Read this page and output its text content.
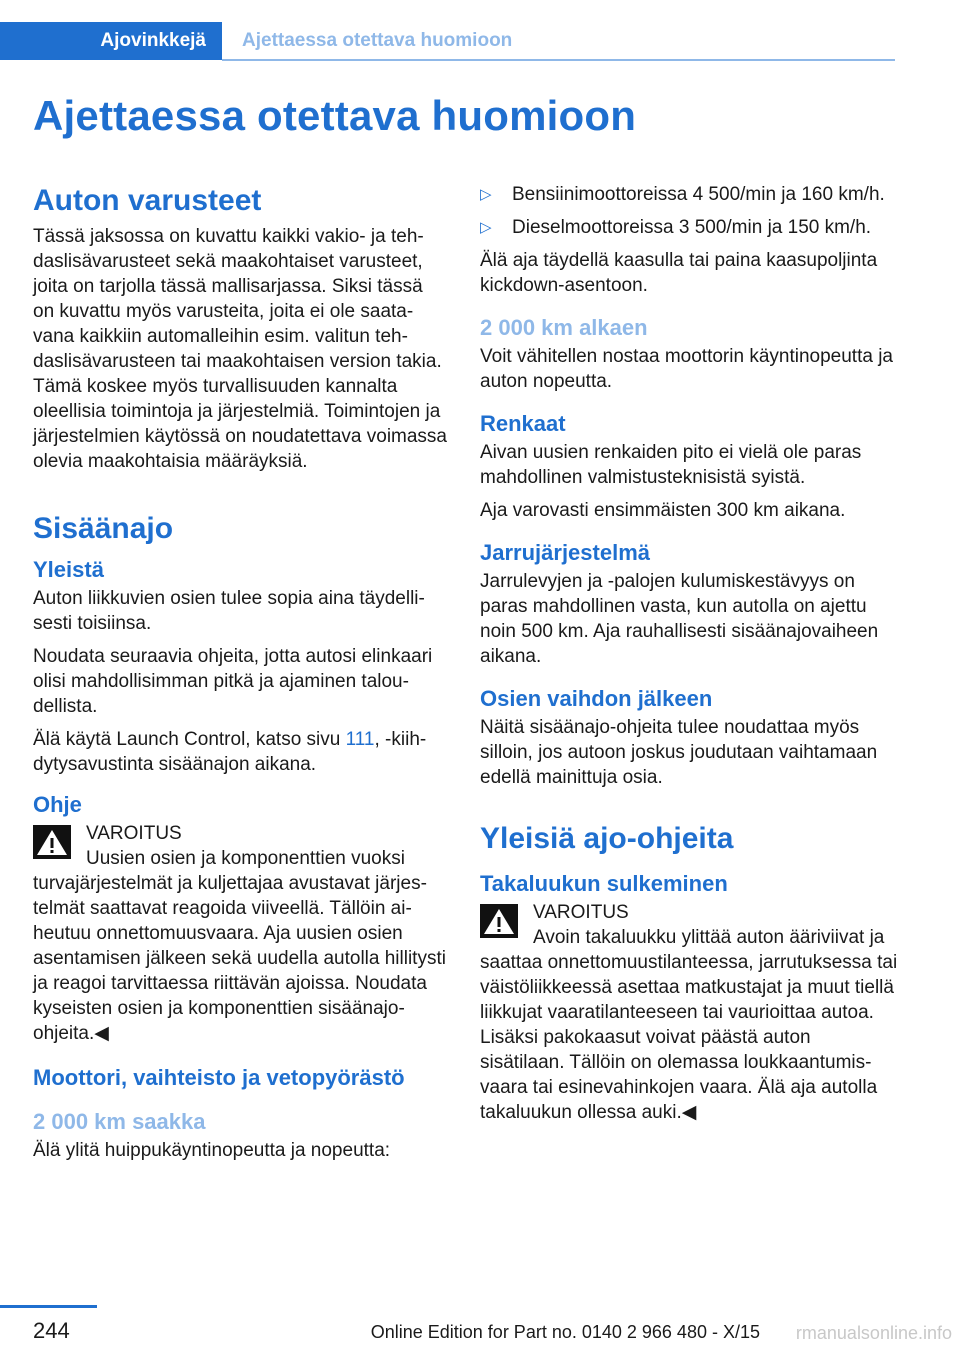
Ajovinkkejä	Ajettaessa otettava huomioon
Ajettaessa otettava huomioon
Auton varusteet

Tässä jaksossa on kuvattu kaikki vakio- ja tehdaslisävarusteet sekä maakohtaiset varusteet, joita on tarjolla tässä mallisarjassa. Siksi tässä on kuvattu myös varusteita, joita ei ole saatavana kaikkiin automalleihin esim. valitun tehdaslisävarusteen tai maakohtaisen version takia. Tämä koskee myös turvallisuuden kannalta oleellisia toimintoja ja järjestelmiä. Toimintojen ja järjestelmien käytössä on noudatettava voimassa olevia maakohtaisia määräyksiä.

Sisäänajo
Yleistä

Auton liikkuvien osien tulee sopia aina täydellisesti toisiinsa.

Noudata seuraavia ohjeita, jotta autosi elinkaari olisi mahdollisimman pitkä ja ajaminen taloudellista.

Älä käytä Launch Control, katso sivu 111, -kiihdytysavustinta sisäänajon aikana.

Ohje
VAROITUS
Uusien osien ja komponenttien vuoksi
turvajärjestelmät ja kuljettajaa avustavat järjestelmät saattavat reagoida viiveellä. Tällöin aiheutuu onnettomuusvaara. Aja uusien osien asentamisen jälkeen sekä uudella autolla hillitysti ja reagoi tarvittaessa riittävän ajoissa. Noudata kyseisten osien ja komponenttien sisäänajo-ohjeita.◀
Moottori, vaihteisto ja vetopyörästö
2 000 km saakka

Älä ylitä huippukäyntinopeutta ja nopeutta:

▷ Bensiinimoottoreissa 4 500/min ja 160 km/h.
▷ Dieselmoottoreissa 3 500/min ja 150 km/h.

Älä aja täydellä kaasulla tai paina kaasupoljinta kickdown-asentoon.

2 000 km alkaen

Voit vähitellen nostaa moottorin käyntinopeutta ja auton nopeutta.

Renkaat

Aivan uusien renkaiden pito ei vielä ole paras mahdollinen valmistusteknisistä syistä.

Aja varovasti ensimmäisten 300 km aikana.

Jarrujärjestelmä

Jarrulevyjen ja -palojen kulumiskestävyys on paras mahdollinen vasta, kun autolla on ajettu noin 500 km. Aja rauhallisesti sisäänajovaiheen aikana.

Osien vaihdon jälkeen

Näitä sisäänajo-ohjeita tulee noudattaa myös silloin, jos autoon joskus joudutaan vaihtamaan edellä mainittuja osia.

Yleisiä ajo-ohjeita
Takaluukun sulkeminen
VAROITUS
Avoin takaluukku ylittää auton ääriviivat ja
saattaa onnettomuustilanteessa, jarrutuksessa tai väistöliikkeessä asettaa matkustajat ja muut tiellä liikkujat vaaratilanteeseen tai vaurioittaa autoa. Lisäksi pakokaasut voivat päästä auton sisätilaan. Tällöin on olemassa loukkaantumisvaara tai esinevahinkojen vaara. Älä aja autolla takaluukun ollessa auki.◀
244	Online Edition for Part no. 0140 2 966 480 - X/15 rmanualsonline.info
